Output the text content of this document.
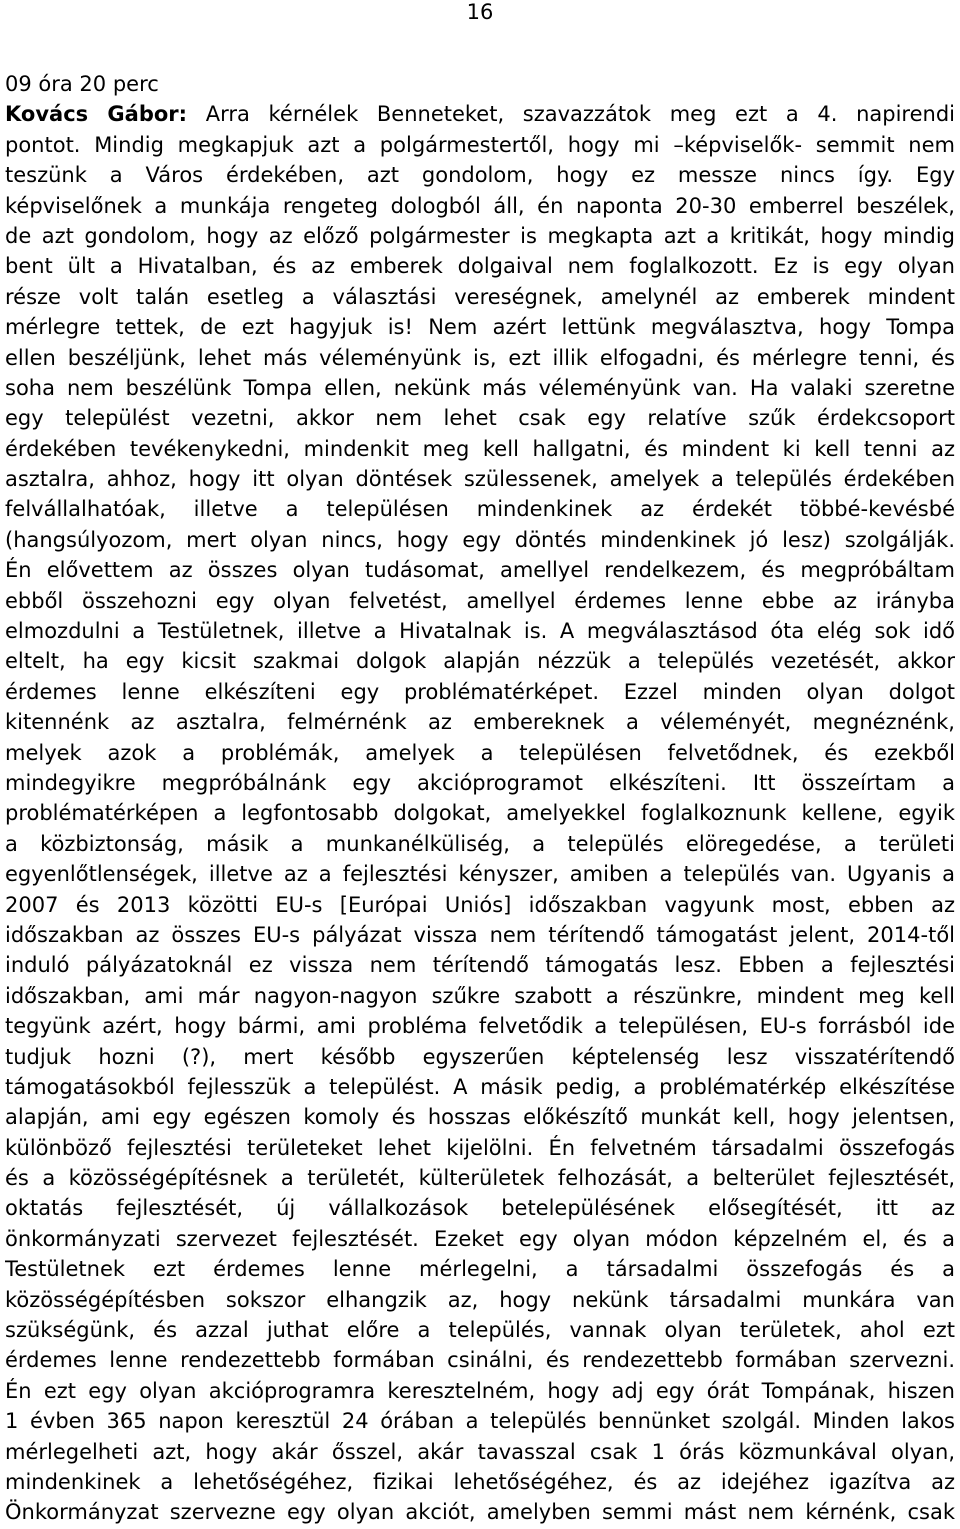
16
09 óra 20 perc
Kovács Gábor: Arra kérnélek Benneteket, szavazzátok meg ezt a 4. napirendi
pontot. Mindig megkapjuk azt a polgármestertől, hogy mi –képviselők- semmit nem
teszünk a Város érdekében, azt gondolom, hogy ez messze nincs így. Egy
képviselőnek a munkája rengeteg dologból áll, én naponta 20-30 emberrel beszélek,
de azt gondolom, hogy az előző polgármester is megkapta azt a kritikát, hogy mindig
bent ült a Hivatalban, és az emberek dolgaival nem foglalkozott. Ez is egy olyan
része volt talán esetleg a választási vereségnek, amelynél az emberek mindent
mérlegre tettek, de ezt hagyjuk is! Nem azért lettünk megválasztva, hogy Tompa
ellen beszéljünk, lehet más véleményünk is, ezt illik elfogadni, és mérlegre tenni, és
soha nem beszélünk Tompa ellen, nekünk más véleményünk van. Ha valaki szeretne
egy települést vezetni, akkor nem lehet csak egy relatíve szűk érdekcsoport
érdekében tevékenykedni, mindenkit meg kell hallgatni, és mindent ki kell tenni az
asztalra, ahhoz, hogy itt olyan döntések szülessenek, amelyek a település érdekében
felvállalhatóak, illetve a településen mindenkinek az érdekét többé-kevésbé
(hangsúlyozom, mert olyan nincs, hogy egy döntés mindenkinek jó lesz) szolgálják.
Én elővettem az összes olyan tudásomat, amellyel rendelkezem, és megpróbáltam
ebből összehozni egy olyan felvetést, amellyel érdemes lenne ebbe az irányba
elmozdulni a Testületnek, illetve a Hivatalnak is. A megválasztásod óta elég sok idő
eltelt, ha egy kicsit szakmai dolgok alapján nézzük a település vezetését, akkor
érdemes lenne elkészíteni egy problématérképet. Ezzel minden olyan dolgot
kitennénk az asztalra, felmérnénk az embereknek a véleményét, megnéznénk,
melyek azok a problémák, amelyek a településen felvetődnek, és ezekből
mindegyikre megpróbálnánk egy akcióprogramot elkészíteni. Itt összeírtam a
problématérképen a legfontosabb dolgokat, amelyekkel foglalkoznunk kellene, egyik
a közbiztonság, másik a munkanélküliség, a település elöregedése, a területi
egyenlőtlenségek, illetve az a fejlesztési kényszer, amiben a település van. Ugyanis a
2007 és 2013 közötti EU-s [Európai Uniós] időszakban vagyunk most, ebben az
időszakban az összes EU-s pályázat vissza nem térítendő támogatást jelent, 2014-től
induló pályázatoknál ez vissza nem térítendő támogatás lesz. Ebben a fejlesztési
időszakban, ami már nagyon-nagyon szűkre szabott a részünkre, mindent meg kell
tegyünk azért, hogy bármi, ami probléma felvetődik a településen, EU-s forrásból ide
tudjuk hozni (?), mert később egyszerűen képtelenség lesz visszatérítendő
támogatásokból fejlesszük a települést. A másik pedig, a problématérkép elkészítése
alapján, ami egy egészen komoly és hosszas előkészítő munkát kell, hogy jelentsen,
különböző fejlesztési területeket lehet kijelölni. Én felvetném társadalmi összefogás
és a közösségépítésnek a területét, külterületek felhozását, a belterület fejlesztését,
oktatás fejlesztését, új vállalkozások betelepülésének elősegítését, itt az
önkormányzati szervezet fejlesztését. Ezeket egy olyan módon képzelném el, és a
Testületnek ezt érdemes lenne mérlegelni, a társadalmi összefogás és a
közösségépítésben sokszor elhangzik az, hogy nekünk társadalmi munkára van
szükségünk, és azzal juthat előre a település, vannak olyan területek, ahol ezt
érdemes lenne rendezettebb formában csinálni, és rendezettebb formában szervezni.
Én ezt egy olyan akcióprogramra keresztelném, hogy adj egy órát Tompának, hiszen
1 évben 365 napon keresztül 24 órában a település bennünket szolgál. Minden lakos
mérlegelheti azt, hogy akár ősszel, akár tavasszal csak 1 órás közmunkával olyan,
mindenkinek a lehetőségéhez, fizikai lehetőségéhez, és az idejéhez igazítva az
Önkormányzat szervezne egy olyan akciót, amelyben semmi mást nem kérnénk, csak
